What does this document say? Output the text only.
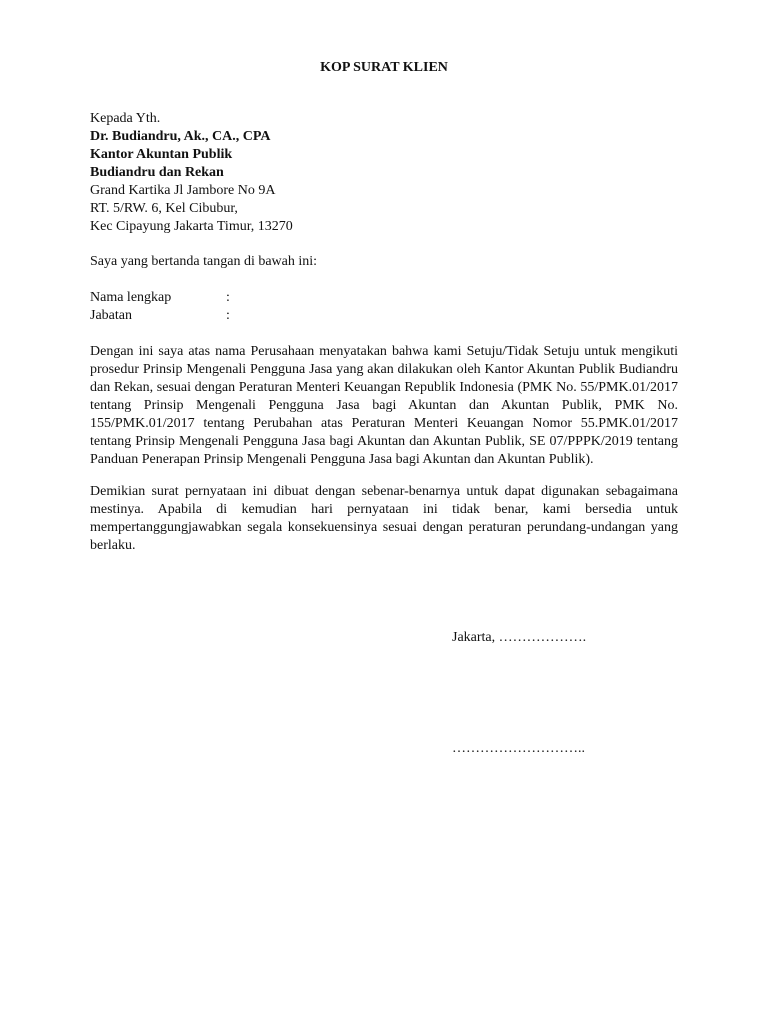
KOP SURAT KLIEN
Kepada Yth.
Dr. Budiandru, Ak., CA., CPA
Kantor Akuntan Publik
Budiandru dan Rekan
Grand Kartika Jl Jambore No 9A
RT. 5/RW. 6, Kel Cibubur,
Kec Cipayung Jakarta Timur, 13270
Saya yang bertanda tangan di bawah ini:
Nama lengkap	:
Jabatan	:

Dengan ini saya atas nama Perusahaan menyatakan bahwa kami Setuju/Tidak Setuju untuk mengikuti prosedur Prinsip Mengenali Pengguna Jasa yang akan dilakukan oleh Kantor Akuntan Publik Budiandru dan Rekan, sesuai dengan Peraturan Menteri Keuangan Republik Indonesia (PMK No. 55/PMK.01/2017 tentang Prinsip Mengenali Pengguna Jasa bagi Akuntan dan Akuntan Publik, PMK No. 155/PMK.01/2017 tentang Perubahan atas Peraturan Menteri Keuangan Nomor 55.PMK.01/2017 tentang Prinsip Mengenali Pengguna Jasa bagi Akuntan dan Akuntan Publik, SE 07/PPPK/2019 tentang Panduan Penerapan Prinsip Mengenali Pengguna Jasa bagi Akuntan dan Akuntan Publik).

Demikian surat pernyataan ini dibuat dengan sebenar-benarnya untuk dapat digunakan sebagaimana mestinya. Apabila di kemudian hari pernyataan ini tidak benar, kami bersedia untuk mempertanggungjawabkan segala konsekuensinya sesuai dengan peraturan perundang-undangan yang berlaku.

Jakarta, ……………….
………………………..
